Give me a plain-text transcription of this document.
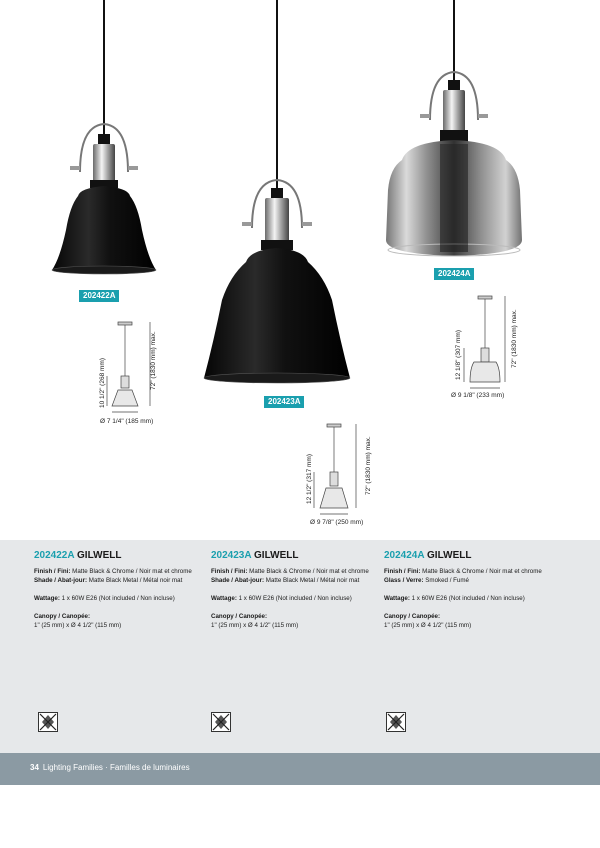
72" (1830 mm) max.
10 1/2" (268 mm)
Ø 7 1/4" (185 mm)
72" (1830 mm) max.
12 1/2" (317 mm)
Ø 9 7/8" (250 mm)
72" (1830 mm) max.
12 1/8" (307 mm)
Ø 9 1/8" (233 mm)
202422A
202423A
202424A
202422A GILWELL
Finish / Fini: Matte Black & Chrome / Noir mat et chrome
Shade / Abat-jour: Matte Black Metal / Métal noir mat
Wattage: 1 x 60W E26 (Not included / Non incluse)
Canopy / Canopée:
1" (25 mm) x Ø 4 1/2" (115 mm)
202423A GILWELL
Finish / Fini: Matte Black & Chrome / Noir mat et chrome
Shade / Abat-jour: Matte Black Metal / Métal noir mat
Wattage: 1 x 60W E26 (Not included / Non incluse)
Canopy / Canopée:
1" (25 mm) x Ø 4 1/2" (115 mm)
202424A GILWELL
Finish / Fini: Matte Black & Chrome / Noir mat et chrome
Glass / Verre: Smoked / Fumé
Wattage: 1 x 60W E26 (Not included / Non incluse)
Canopy / Canopée:
1" (25 mm) x Ø 4 1/2" (115 mm)
34 Lighting Families · Familles de luminaires
